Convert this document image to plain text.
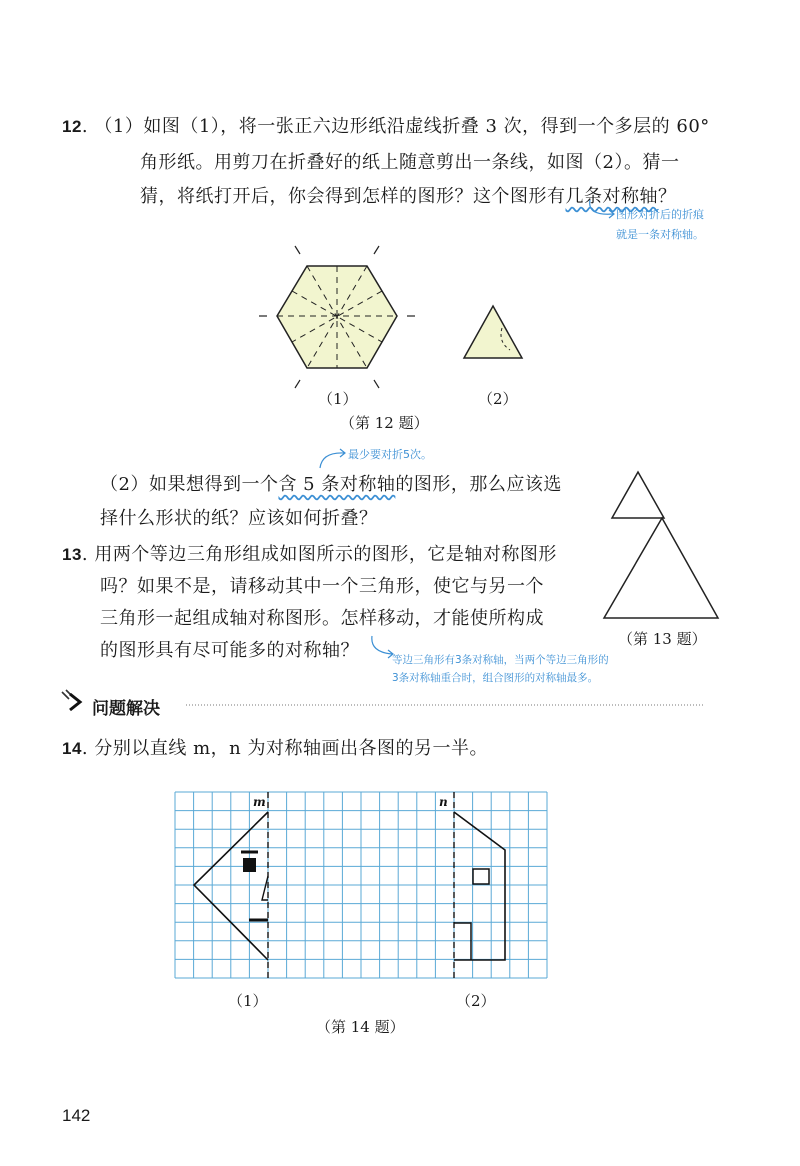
12. （1）如图（1），将一张正六边形纸沿虚线折叠 3 次，得到一个多层的 60°
角形纸。用剪刀在折叠好的纸上随意剪出一条线，如图（2）。猜一
猜，将纸打开后，你会得到怎样的图形？这个图形有几条对称轴？
图形对折后的折痕
就是一条对称轴。
（1）	（2）
（第 12 题）
最少要对折5次。
（2）如果想得到一个含 5 条对称轴的图形，那么应该选
择什么形状的纸？应该如何折叠？
13. 用两个等边三角形组成如图所示的图形，它是轴对称图形
吗？如果不是，请移动其中一个三角形，使它与另一个
三角形一起组成轴对称图形。怎样移动，才能使所构成
的图形具有尽可能多的对称轴？
（第 13 题）
等边三角形有3条对称轴，当两个等边三角形的
3条对称轴重合时，组合图形的对称轴最多。
问题解决
14. 分别以直线 m，n 为对称轴画出各图的另一半。
m	n
（1）	（2）
（第 14 题）
142
